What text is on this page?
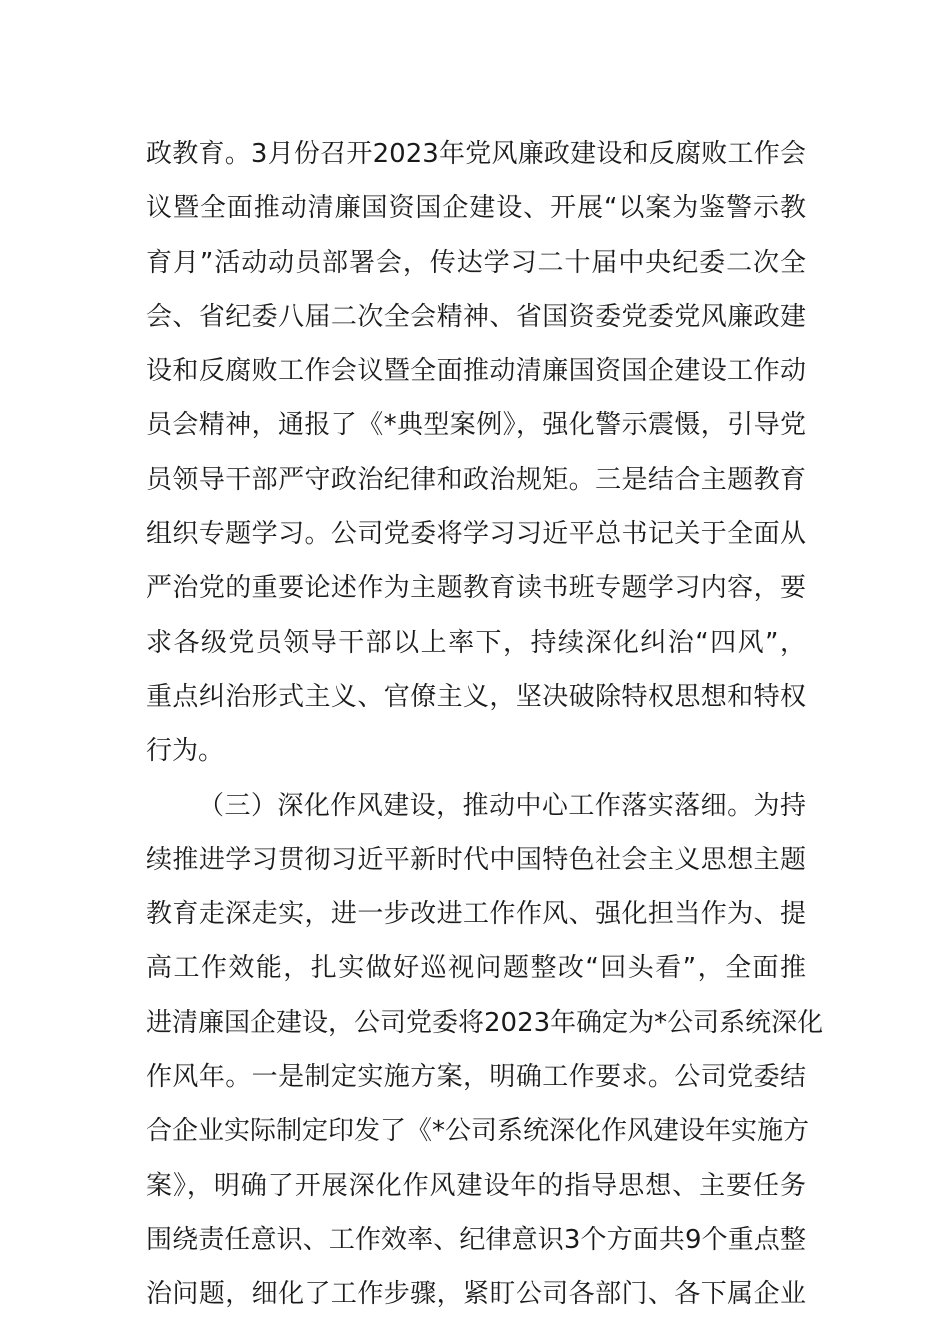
政教育。3月份召开2023年党风廉政建设和反腐败工作会
议暨全面推动清廉国资国企建设、开展“以案为鉴警示教
育月”活动动员部署会，传达学习二十届中央纪委二次全
会、省纪委八届二次全会精神、省国资委党委党风廉政建
设和反腐败工作会议暨全面推动清廉国资国企建设工作动
员会精神，通报了《*典型案例》，强化警示震慑，引导党
员领导干部严守政治纪律和政治规矩。三是结合主题教育
组织专题学习。公司党委将学习习近平总书记关于全面从
严治党的重要论述作为主题教育读书班专题学习内容，要
求各级党员领导干部以上率下，持续深化纠治“四风”，
重点纠治形式主义、官僚主义，坚决破除特权思想和特权
行为。
（三）深化作风建设，推动中心工作落实落细。为持
续推进学习贯彻习近平新时代中国特色社会主义思想主题
教育走深走实，进一步改进工作作风、强化担当作为、提
高工作效能，扎实做好巡视问题整改“回头看”，全面推
进清廉国企建设，公司党委将2023年确定为*公司系统深化
作风年。一是制定实施方案，明确工作要求。公司党委结
合企业实际制定印发了《*公司系统深化作风建设年实施方
案》，明确了开展深化作风建设年的指导思想、主要任务
围绕责任意识、工作效率、纪律意识3个方面共9个重点整
治问题，细化了工作步骤，紧盯公司各部门、各下属企业
